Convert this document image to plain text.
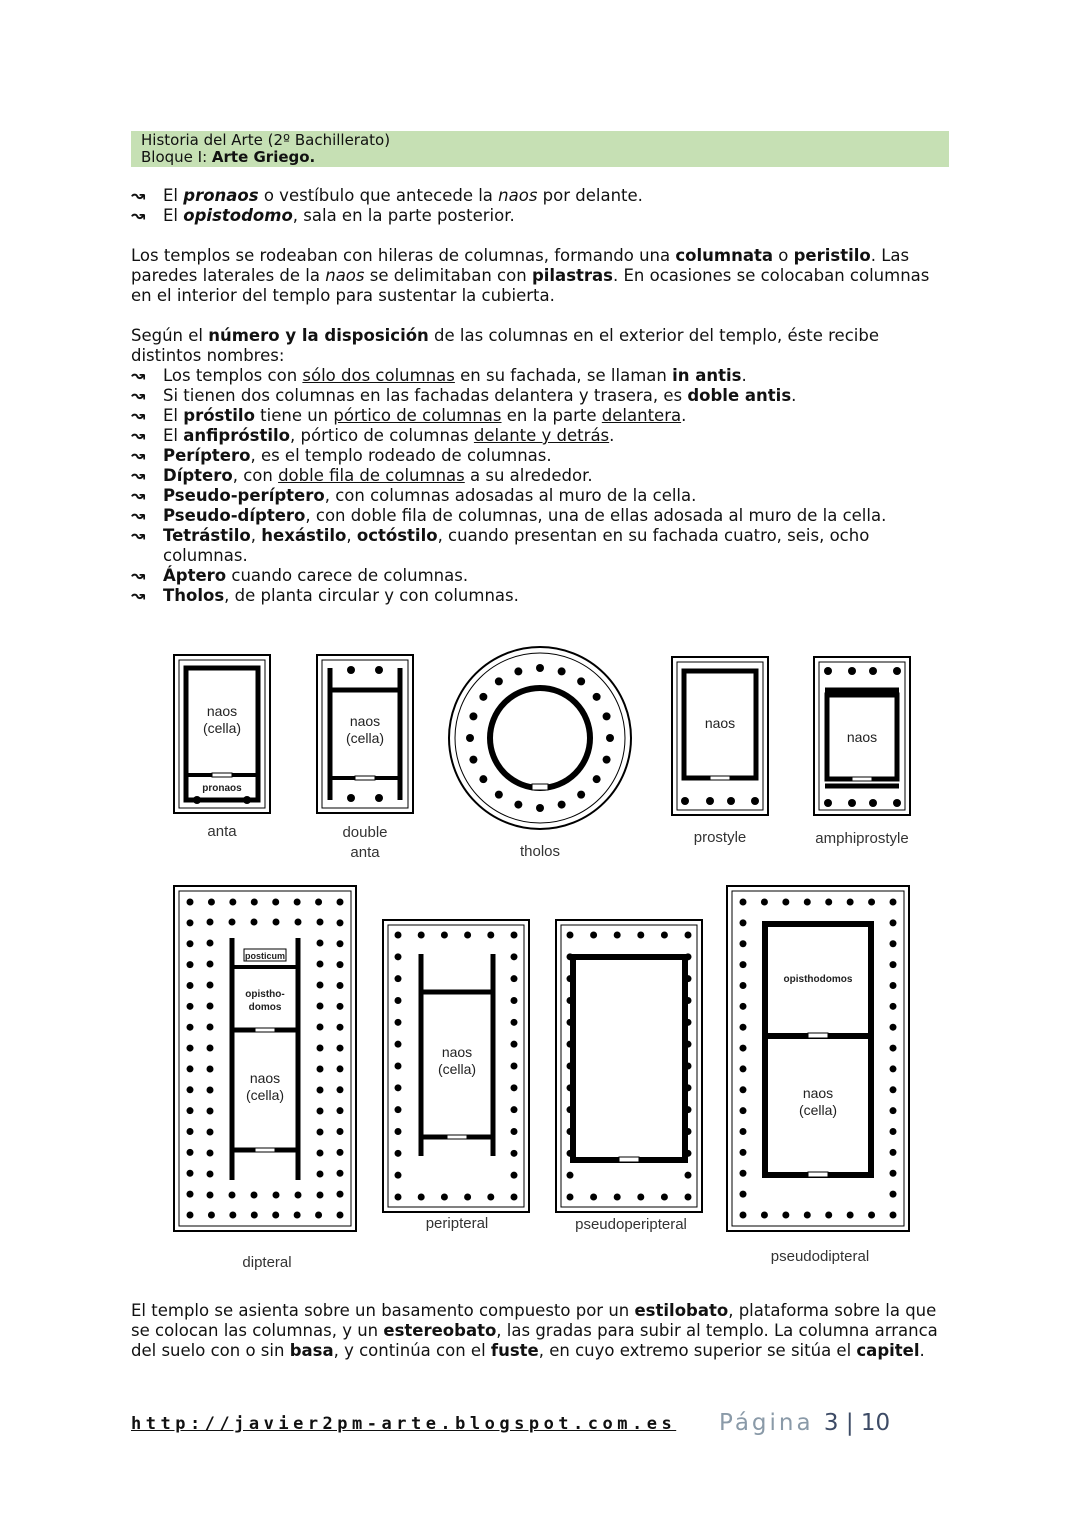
Historia del Arte (2º Bachillerato)
Bloque I: Arte Griego.
↝	El pronaos o vestíbulo que antecede la naos por delante.
↝	El opistodomo, sala en la parte posterior.

Los templos se rodeaban con hileras de columnas, formando una columnata o peristilo. Las paredes laterales de la naos se delimitaban con pilastras. En ocasiones se colocaban columnas en el interior del templo para sustentar la cubierta.

Según el número y la disposición de las columnas en el exterior del templo, éste recibe distintos nombres:

↝	Los templos con sólo dos columnas en su fachada, se llaman in antis.
↝	Si tienen dos columnas en las fachadas delantera y trasera, es doble antis.
↝	El próstilo tiene un pórtico de columnas en la parte delantera.
↝	El anfipróstilo, pórtico de columnas delante y detrás.
↝	Períptero, es el templo rodeado de columnas.
↝	Díptero, con doble fila de columnas a su alrededor.
↝	Pseudo-períptero, con columnas adosadas al muro de la cella.
↝	Pseudo-díptero, con doble fila de columnas, una de ellas adosada al muro de la cella.
↝	Tetrástilo, hexástilo, octóstilo, cuando presentan en su fachada cuatro, seis, ocho columnas.
↝	Áptero cuando carece de columnas.
↝	Tholos, de planta circular y con columnas.
naos
(cella)
pronaos
anta
naos
(cella)
double
anta	tholos
naos
prostyle
naos
amphiprostyle
posticum
opistho-
domos
naos
(cella)
dipteral
naos
(cella)
peripteral	pseudoperipteral
opisthodomos
naos
(cella)
pseudodipteral

El templo se asienta sobre un basamento compuesto por un estilobato, plataforma sobre la que se colocan las columnas, y un estereobato, las gradas para subir al templo. La columna arranca del suelo con o sin basa, y continúa con el fuste, en cuyo extremo superior se sitúa el capitel.

http://javier2pm-arte.blogspot.com.es Página 3 | 10
